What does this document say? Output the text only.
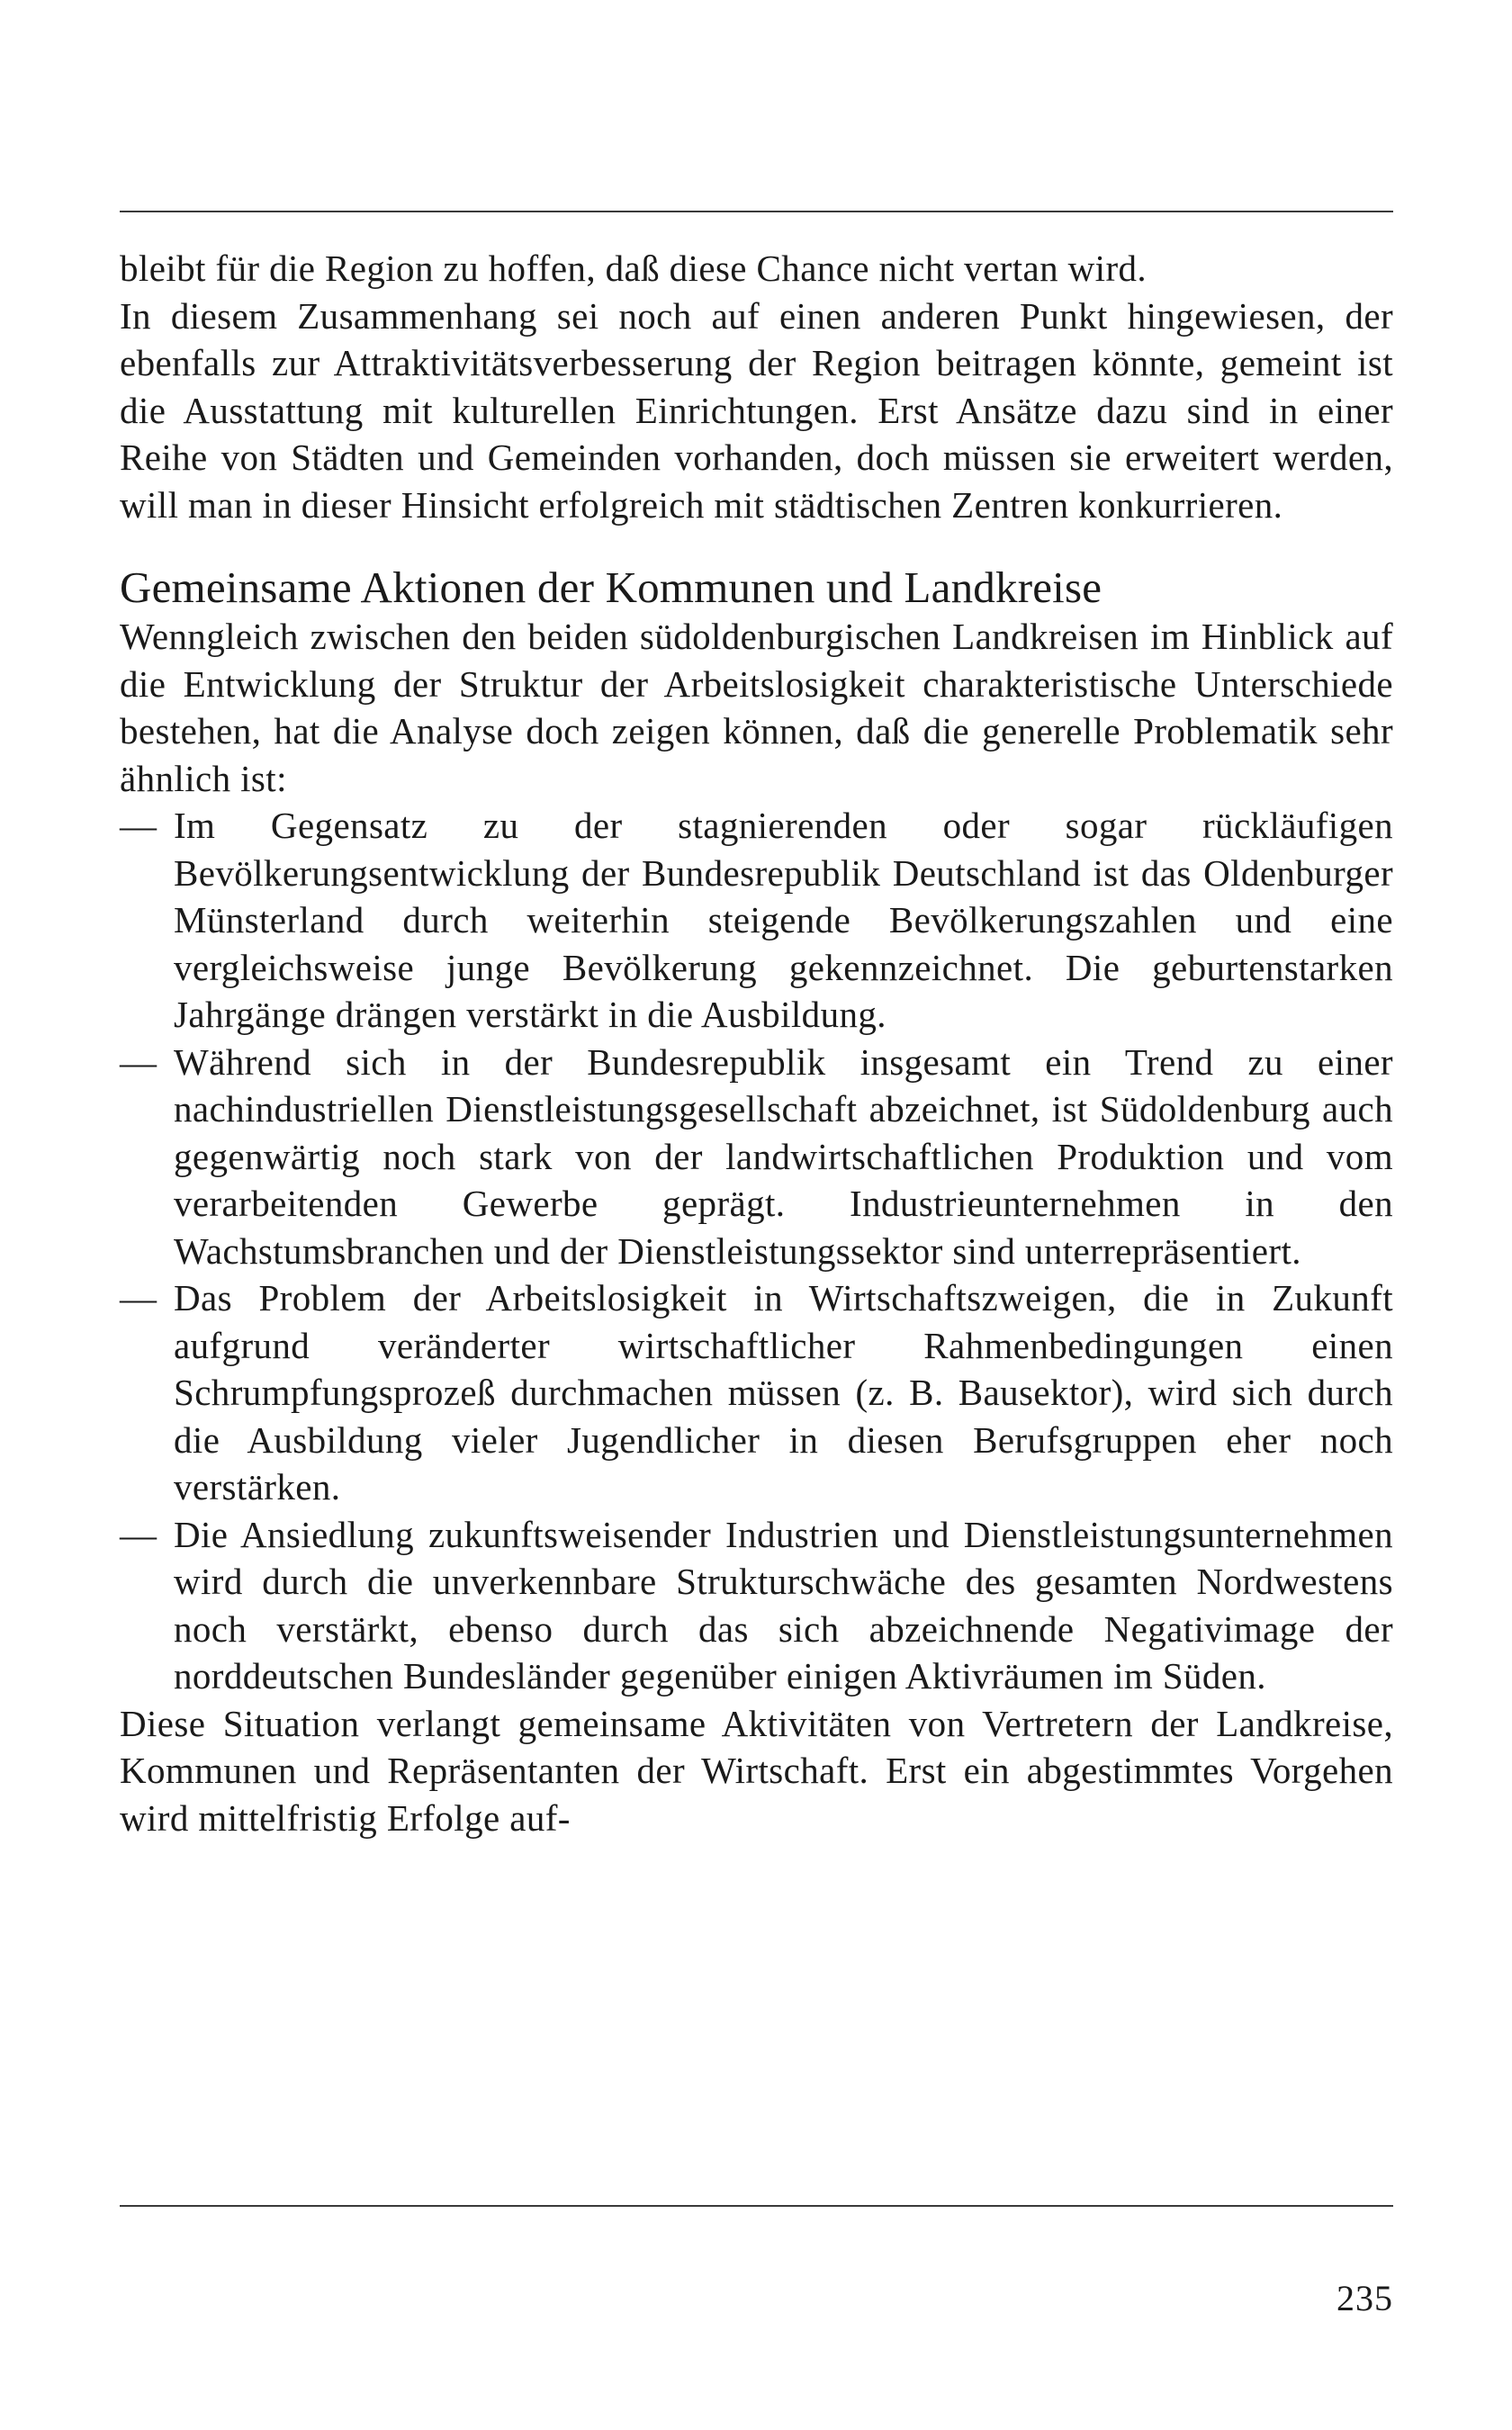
bleibt für die Region zu hoffen, daß diese Chance nicht vertan wird.

In diesem Zusammenhang sei noch auf einen anderen Punkt hingewiesen, der ebenfalls zur Attraktivitätsverbesserung der Region beitragen könnte, gemeint ist die Ausstattung mit kulturellen Einrichtungen. Erst Ansätze dazu sind in einer Reihe von Städten und Gemeinden vorhanden, doch müssen sie erweitert werden, will man in dieser Hinsicht erfolgreich mit städtischen Zentren konkurrieren.

Gemeinsame Aktionen der Kommunen und Landkreise

Wenngleich zwischen den beiden südoldenburgischen Landkreisen im Hinblick auf die Entwicklung der Struktur der Arbeitslosigkeit charakteristische Unterschiede bestehen, hat die Analyse doch zeigen können, daß die generelle Problematik sehr ähnlich ist:

— Im Gegensatz zu der stagnierenden oder sogar rückläufigen Bevölkerungsentwicklung der Bundesrepublik Deutschland ist das Oldenburger Münsterland durch weiterhin steigende Bevölkerungszahlen und eine vergleichsweise junge Bevölkerung gekennzeichnet. Die geburtenstarken Jahrgänge drängen verstärkt in die Ausbildung.
— Während sich in der Bundesrepublik insgesamt ein Trend zu einer nachindustriellen Dienstleistungsgesellschaft abzeichnet, ist Südoldenburg auch gegenwärtig noch stark von der landwirtschaftlichen Produktion und vom verarbeitenden Gewerbe geprägt. Industrieunternehmen in den Wachstumsbranchen und der Dienstleistungssektor sind unterrepräsentiert.
— Das Problem der Arbeitslosigkeit in Wirtschaftszweigen, die in Zukunft aufgrund veränderter wirtschaftlicher Rahmenbedingungen einen Schrumpfungsprozeß durchmachen müssen (z. B. Bausektor), wird sich durch die Ausbildung vieler Jugendlicher in diesen Berufsgruppen eher noch verstärken.
— Die Ansiedlung zukunftsweisender Industrien und Dienstleistungsunternehmen wird durch die unverkennbare Strukturschwäche des gesamten Nordwestens noch verstärkt, ebenso durch das sich abzeichnende Negativimage der norddeutschen Bundesländer gegenüber einigen Aktivräumen im Süden.

Diese Situation verlangt gemeinsame Aktivitäten von Vertretern der Landkreise, Kommunen und Repräsentanten der Wirtschaft. Erst ein abgestimmtes Vorgehen wird mittelfristig Erfolge auf-

235
